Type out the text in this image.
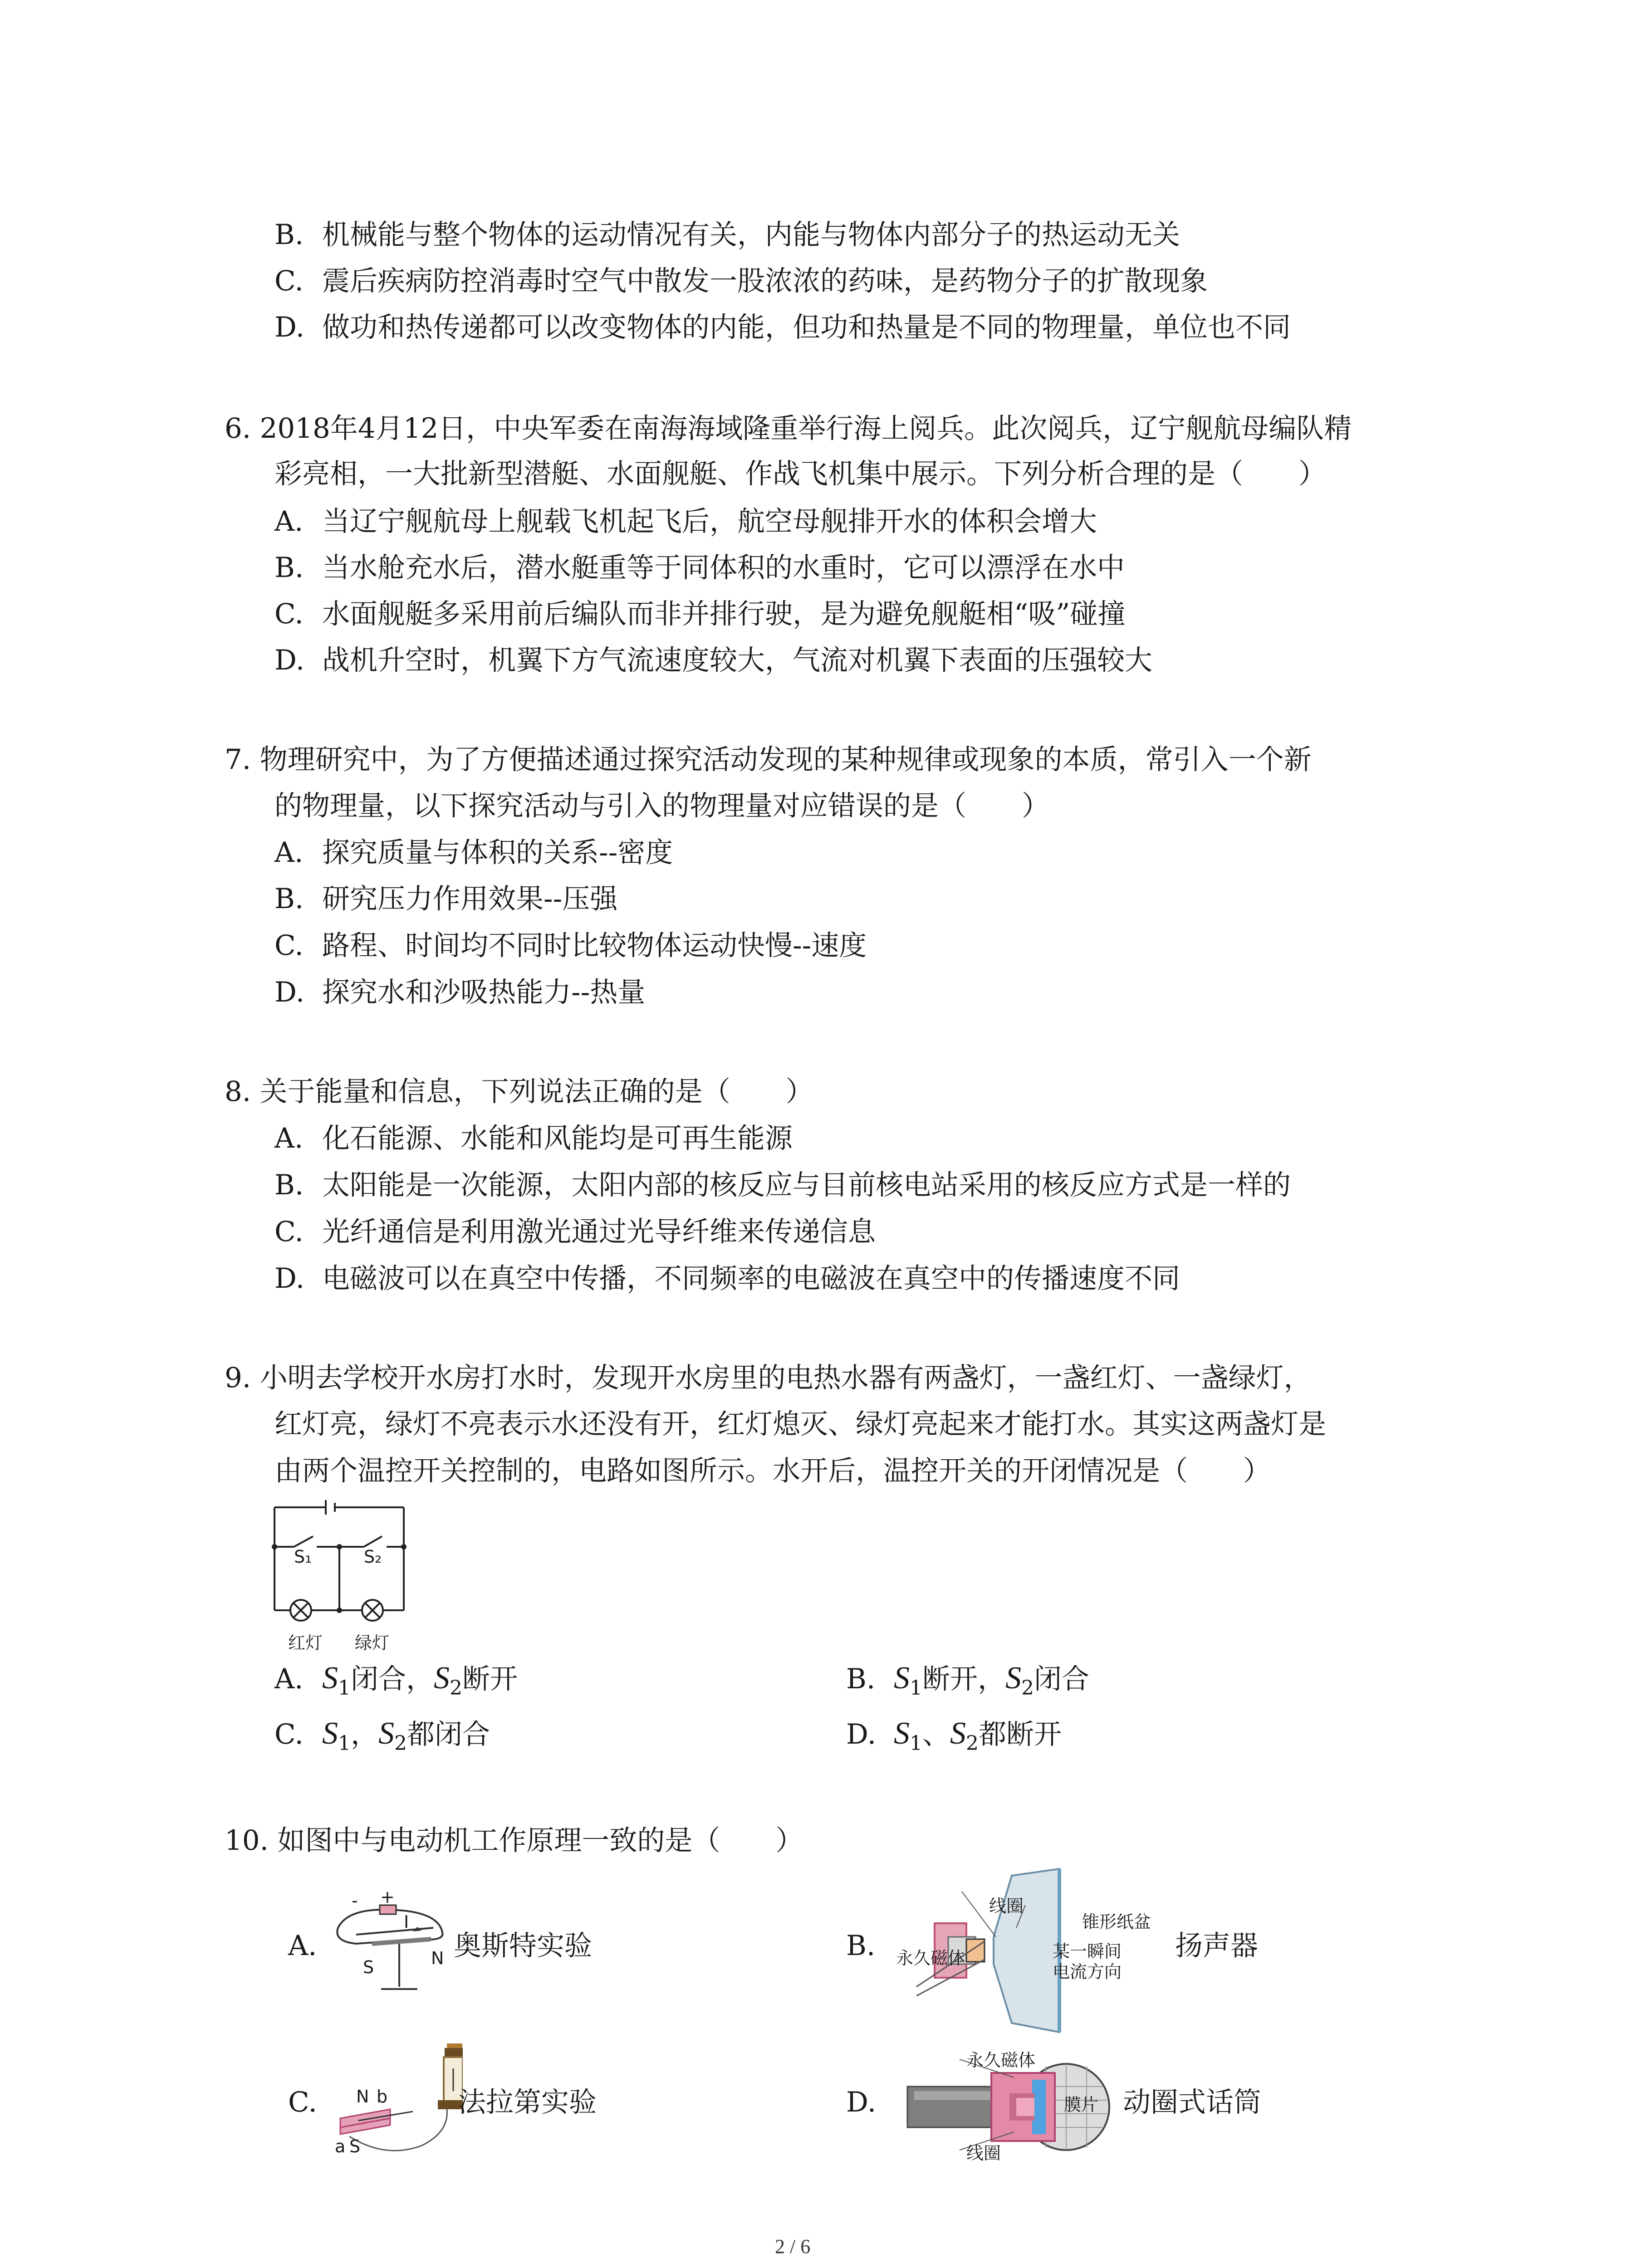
B. 机械能与整个物体的运动情况有关，内能与物体内部分子的热运动无关
C. 震后疾病防控消毒时空气中散发一股浓浓的药味，是药物分子的扩散现象
D. 做功和热传递都可以改变物体的内能，但功和热量是不同的物理量，单位也不同
6. 2018年4月12日，中央军委在南海海域隆重举行海上阅兵。此次阅兵，辽宁舰航母编队精
彩亮相，一大批新型潜艇、水面舰艇、作战飞机集中展示。下列分析合理的是（　　）
A. 当辽宁舰航母上舰载飞机起飞后，航空母舰排开水的体积会增大
B. 当水舱充水后，潜水艇重等于同体积的水重时，它可以漂浮在水中
C. 水面舰艇多采用前后编队而非并排行驶，是为避免舰艇相“吸”碰撞
D. 战机升空时，机翼下方气流速度较大，气流对机翼下表面的压强较大
7. 物理研究中，为了方便描述通过探究活动发现的某种规律或现象的本质，常引入一个新
的物理量，以下探究活动与引入的物理量对应错误的是（　　）
A. 探究质量与体积的关系--密度
B. 研究压力作用效果--压强
C. 路程、时间均不同时比较物体运动快慢--速度
D. 探究水和沙吸热能力--热量
8. 关于能量和信息，下列说法正确的是（　　）
A. 化石能源、水能和风能均是可再生能源
B. 太阳能是一次能源，太阳内部的核反应与目前核电站采用的核反应方式是一样的
C. 光纤通信是利用激光通过光导纤维来传递信息
D. 电磁波可以在真空中传播，不同频率的电磁波在真空中的传播速度不同
9. 小明去学校开水房打水时，发现开水房里的电热水器有两盏灯，一盏红灯、一盏绿灯，
红灯亮，绿灯不亮表示水还没有开，红灯熄灭、绿灯亮起来才能打水。其实这两盏灯是
由两个温控开关控制的，电路如图所示。水开后，温控开关的开闭情况是（　　）
S₁	S₂
红灯 绿灯
A. $S_1$闭合，$S_2$断开	B. $S_1$断开，$S_2$闭合
C. $S_1$，$S_2$都闭合	D. $S_1$、$S_2$都断开
10. 如图中与电动机工作原理一致的是（　　）
A.
- +
I
S	N 奥斯特实验	B.
线圈
锥形纸盆
永久磁体	某一瞬间
电流方向
扬声器
C. N b
a S
法拉第实验	D.
永久磁体
膜片
线圈
动圈式话筒
2 / 6
